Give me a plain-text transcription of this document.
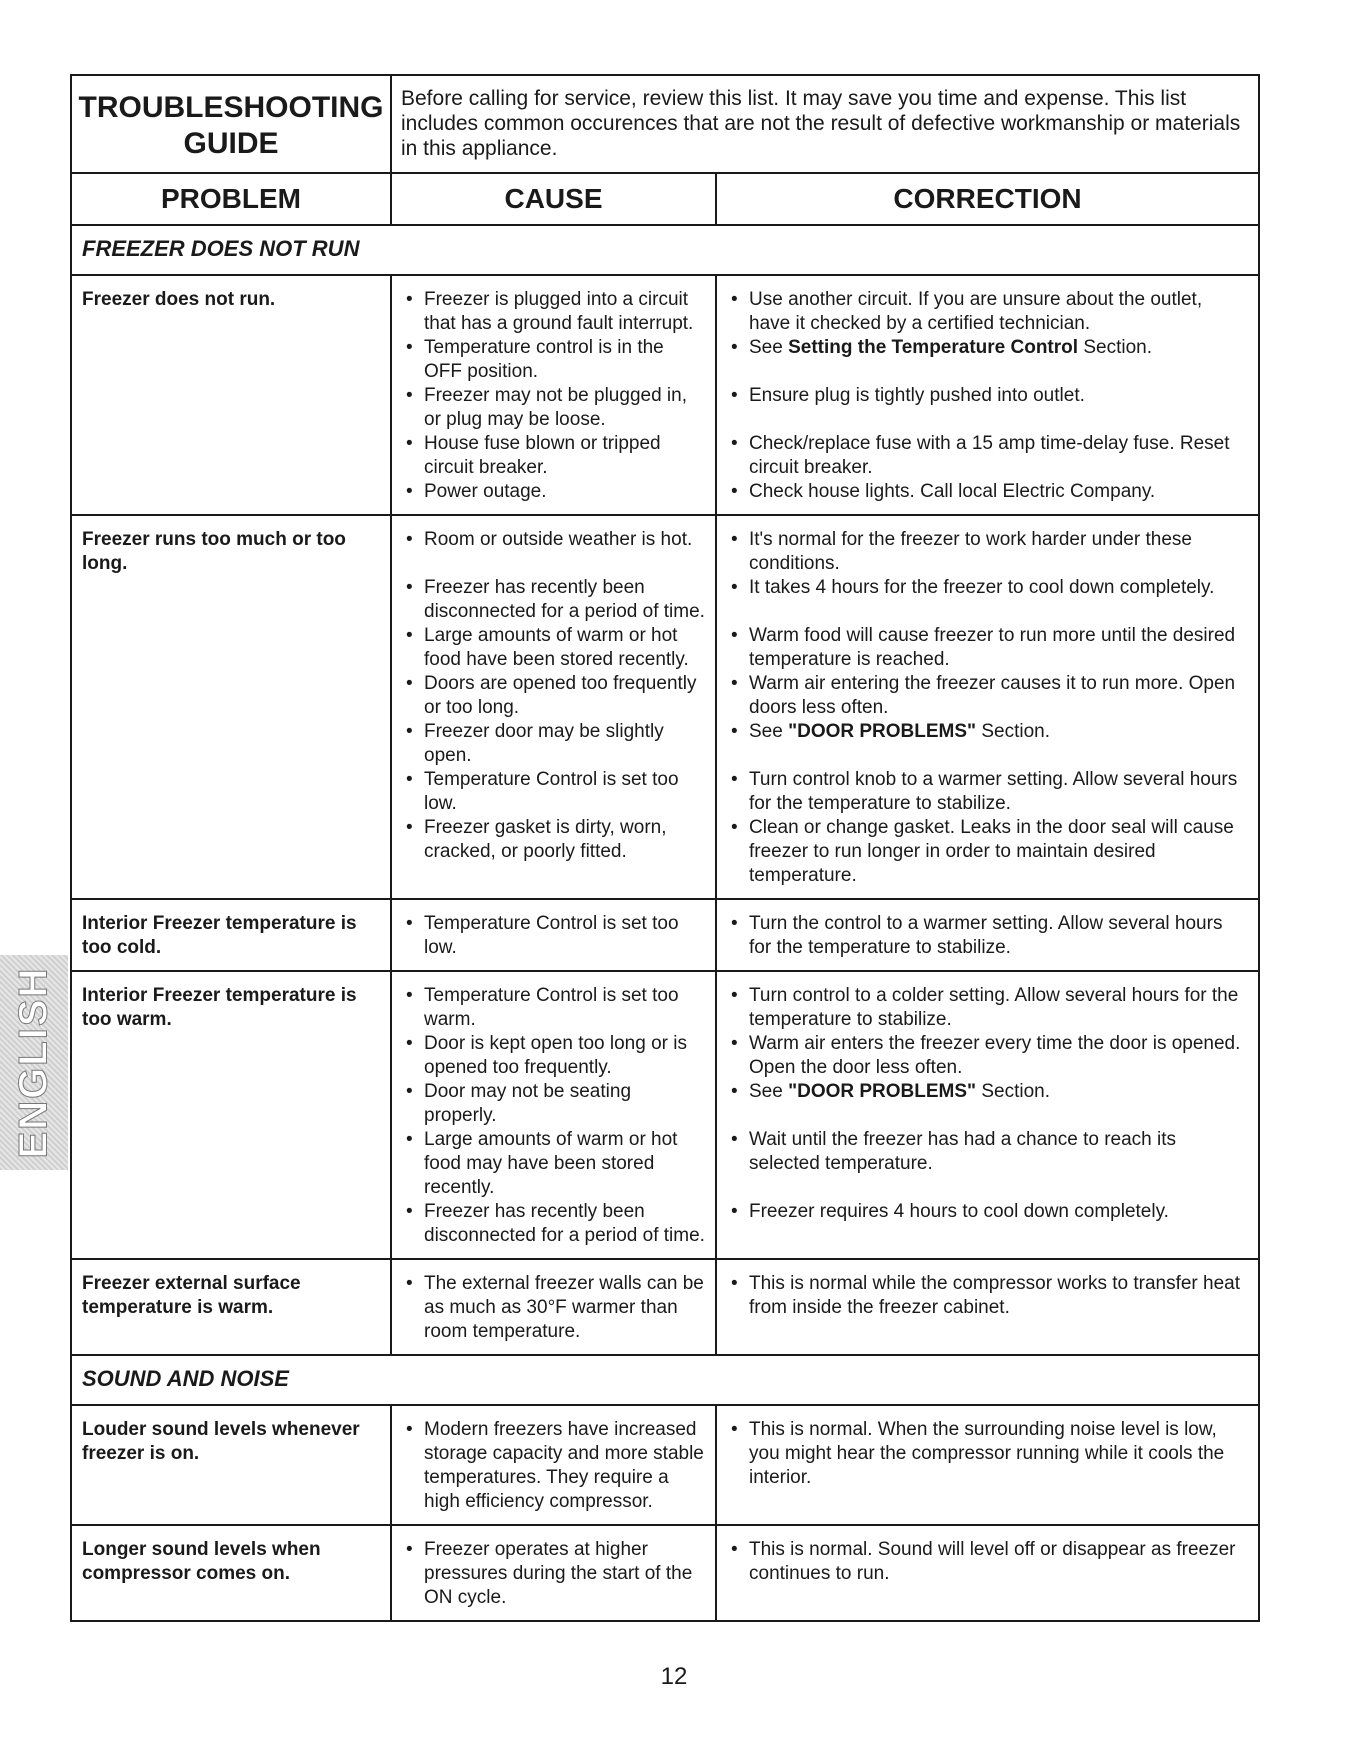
ENGLISH
TROUBLESHOOTING
GUIDE
Before calling for service, review this list. It may save you time and expense. This list includes common occurences that are not the result of defective workmanship or materials in this appliance.
PROBLEM	CAUSE	CORRECTION
FREEZER DOES NOT RUN
Freezer does not run.
•	Freezer is plugged into a circuit that has a ground fault interrupt.
• Temperature control is in the OFF position.
• Freezer may not be plugged in, or plug may be loose.
• House fuse blown or tripped circuit breaker.
• Power outage.
• Use another circuit. If you are unsure about the outlet, have it checked by a certified technician.
• See Setting the Temperature Control Section.
• Ensure plug is tightly pushed into outlet.
• Check/replace fuse with a 15 amp time-delay fuse. Reset circuit breaker.
• Check house lights. Call local Electric Company.
Freezer runs too much or too long.
• Room or outside weather is hot.
• Freezer has recently been disconnected for a period of time.
• Large amounts of warm or hot food have been stored recently.
• Doors are opened too frequently or too long.
• Freezer door may be slightly open.
• Temperature Control is set too low.
• Freezer gasket is dirty, worn, cracked, or poorly fitted.
• It's normal for the freezer to work harder under these conditions.
• It takes 4 hours for the freezer to cool down completely.
• Warm food will cause freezer to run more until the desired temperature is reached.
• Warm air entering the freezer causes it to run more. Open doors less often.
• See "DOOR PROBLEMS" Section.
• Turn control knob to a warmer setting. Allow several hours for the temperature to stabilize.
• Clean or change gasket. Leaks in the door seal will cause freezer to run longer in order to maintain desired temperature.
Interior Freezer temperature is too cold.
• Temperature Control is set too low.
• Turn the control to a warmer setting. Allow several hours for the temperature to stabilize.
Interior Freezer temperature is too warm.
• Temperature Control is set too warm.
• Door is kept open too long or is opened too frequently.
• Door may not be seating properly.
• Large amounts of warm or hot food may have been stored recently.
• Freezer has recently been disconnected for a period of time.
• Turn control to a colder setting. Allow several hours for the temperature to stabilize.
• Warm air enters the freezer every time the door is opened. Open the door less often.
• See "DOOR PROBLEMS" Section.
• Wait until the freezer has had a chance to reach its selected temperature.
• Freezer requires 4 hours to cool down completely.
Freezer external surface temperature is warm.
• The external freezer walls can be as much as 30°F warmer than room temperature.
• This is normal while the compressor works to transfer heat from inside the freezer cabinet.
SOUND AND NOISE
Louder sound levels whenever freezer is on.
• Modern freezers have increased storage capacity and more stable temperatures. They require a high efficiency compressor.
• This is normal. When the surrounding noise level is low, you might hear the compressor running while it cools the interior.
Longer sound levels when compressor comes on.
• Freezer operates at higher pressures during the start of the ON cycle.
• This is normal. Sound will level off or disappear as freezer continues to run.
12
